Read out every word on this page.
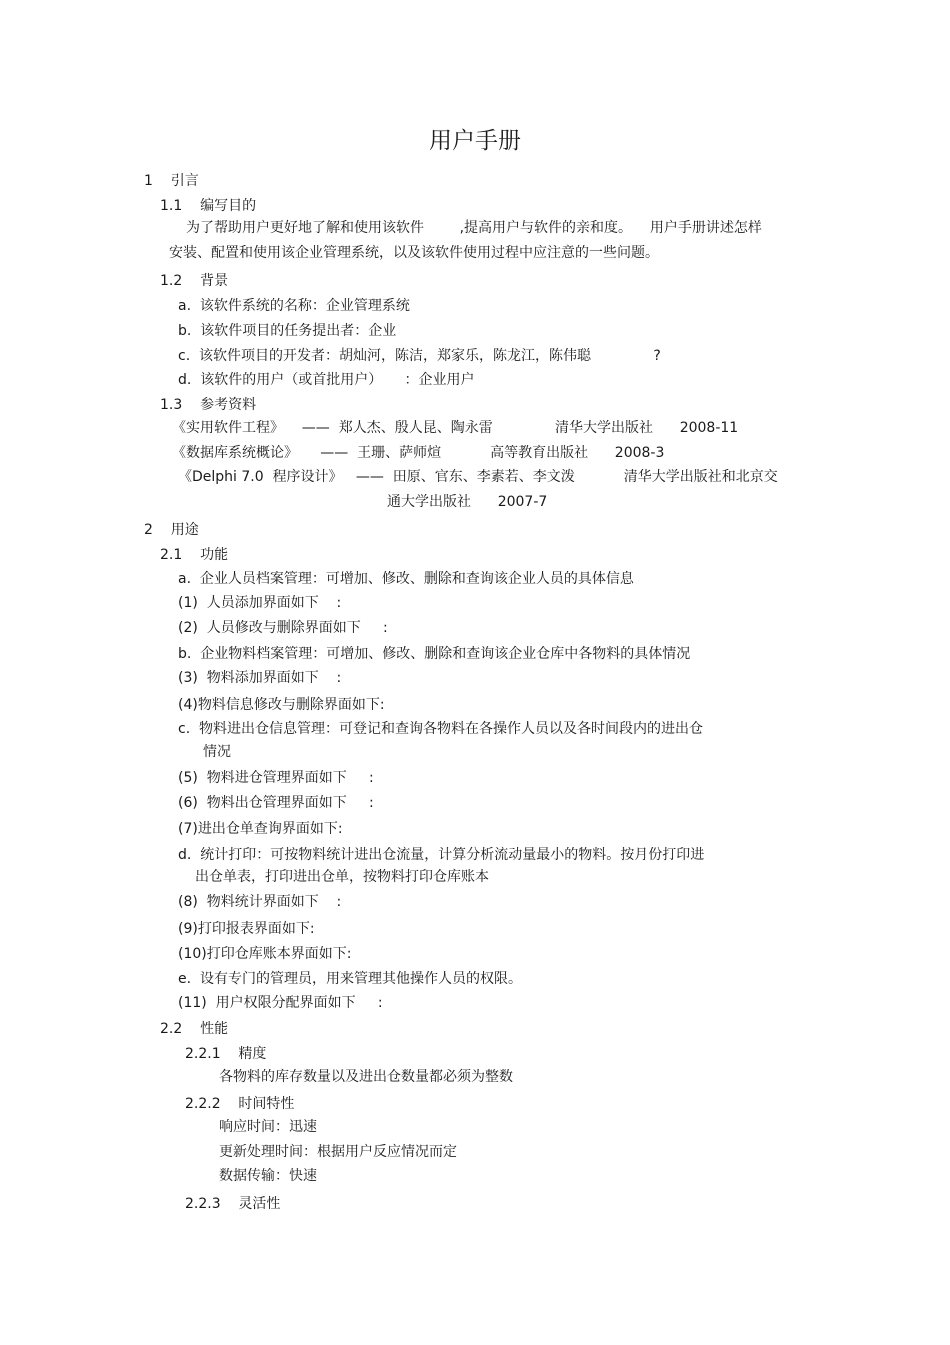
用户手册
1    引言
1.1    编写目的
为了帮助用户更好地了解和使用该软件        ,提高用户与软件的亲和度。    用户手册讲述怎样
安装、配置和使用该企业管理系统，以及该软件使用过程中应注意的一些问题。
1.2    背景
a.  该软件系统的名称：企业管理系统
b.  该软件项目的任务提出者：企业
c.  该软件项目的开发者：胡灿河，陈洁，郑家乐，陈龙江，陈伟聪              ?
d.  该软件的用户（或首批用户）     ：企业用户
1.3    参考资料
《实用软件工程》    ——  郑人杰、殷人昆、陶永雷              清华大学出版社      2008-11
《数据库系统概论》     ——  王珊、萨师煊           高等教育出版社      2008-3
《Delphi 7.0  程序设计》   ——  田原、官东、李素若、李文泼           清华大学出版社和北京交
通大学出版社      2007-7
2    用途
2.1    功能
a.  企业人员档案管理：可增加、修改、删除和查询该企业人员的具体信息
(1)  人员添加界面如下    :
(2)  人员修改与删除界面如下     :
b.  企业物料档案管理：可增加、修改、删除和查询该企业仓库中各物料的具体情况
(3)  物料添加界面如下    :
(4)物料信息修改与删除界面如下:
c.  物料进出仓信息管理：可登记和查询各物料在各操作人员以及各时间段内的进出仓
情况
(5)  物料进仓管理界面如下     :
(6)  物料出仓管理界面如下     :
(7)进出仓单查询界面如下:
d.  统计打印：可按物料统计进出仓流量，计算分析流动量最小的物料。按月份打印进
出仓单表，打印进出仓单，按物料打印仓库账本
(8)  物料统计界面如下    :
(9)打印报表界面如下:
(10)打印仓库账本界面如下:
e.  设有专门的管理员，用来管理其他操作人员的权限。
(11)  用户权限分配界面如下     :
2.2    性能
2.2.1    精度
各物料的库存数量以及进出仓数量都必须为整数
2.2.2    时间特性
响应时间：迅速
更新处理时间：根据用户反应情况而定
数据传输：快速
2.2.3    灵活性
